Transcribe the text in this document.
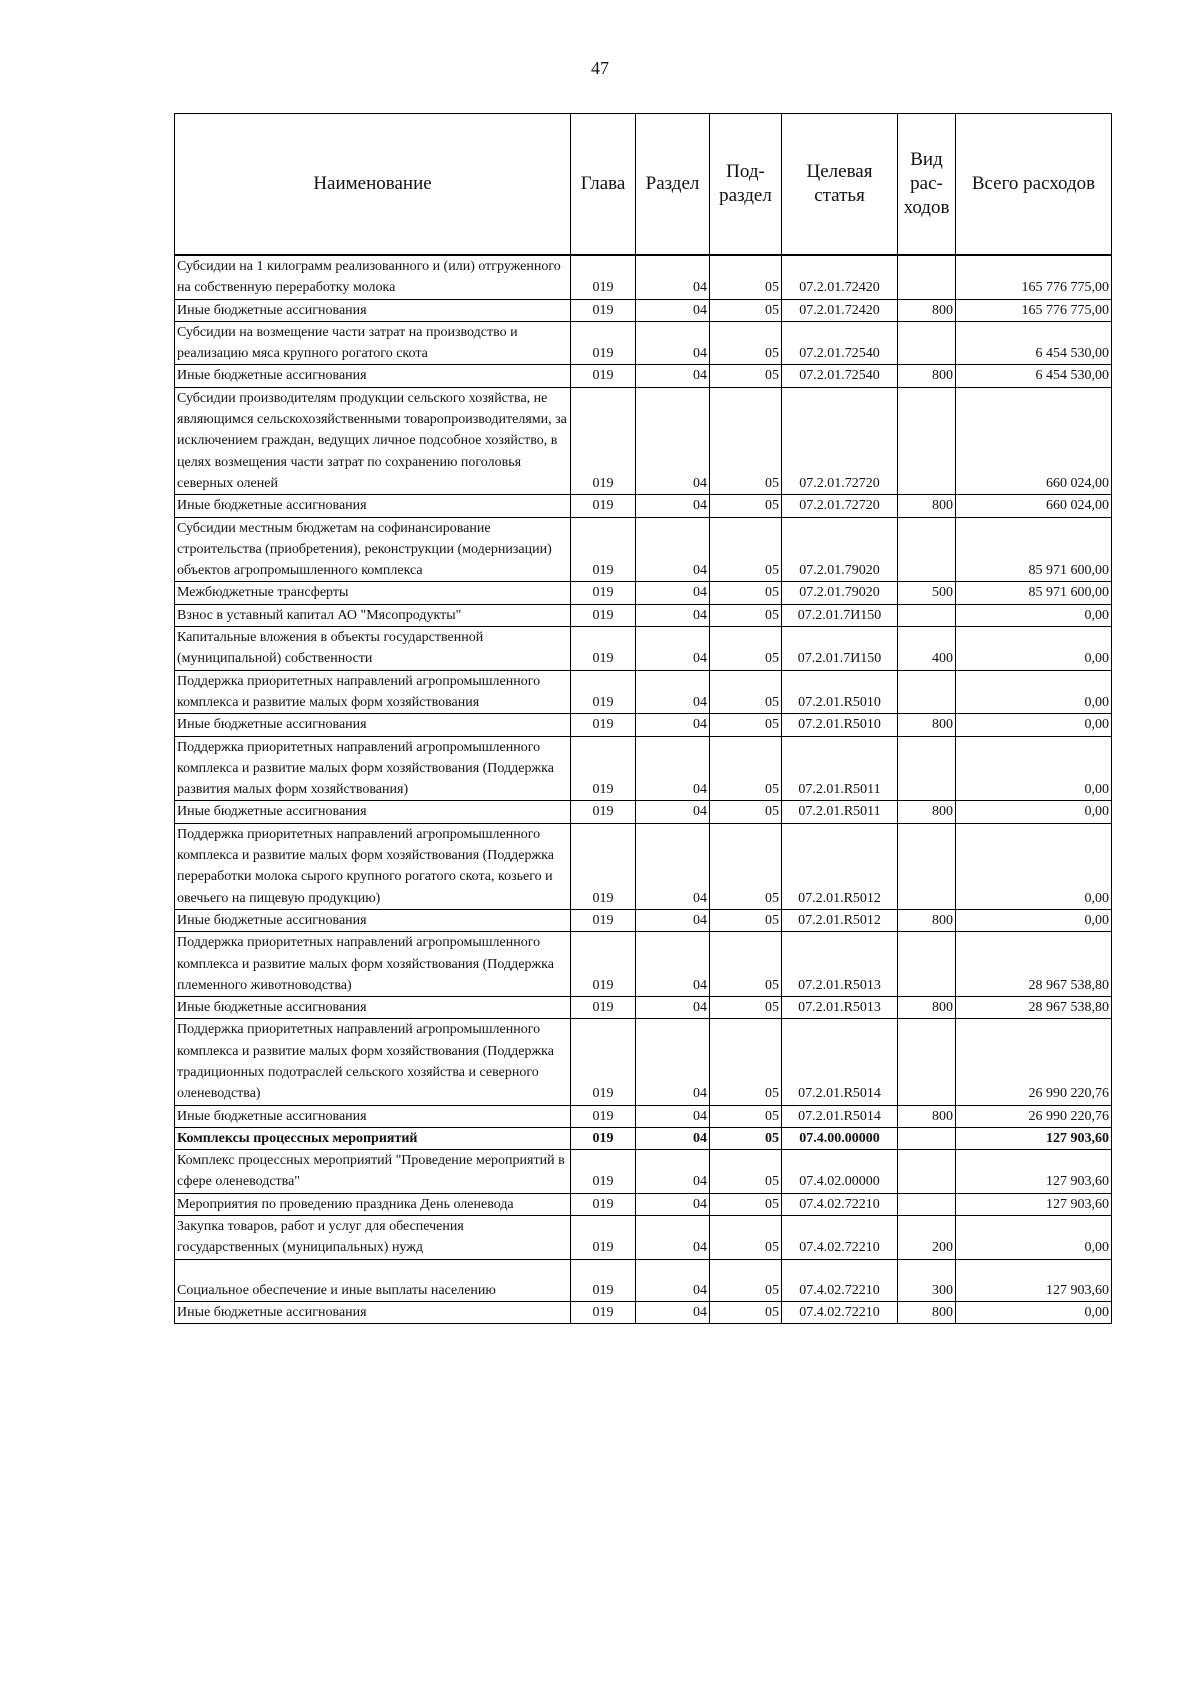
47
Наименование	Глава	Раздел	Под-раздел	Целевая статья	Вид рас-ходов	Всего расходов
Субсидии на 1 килограмм реализованного и (или) отгруженного на собственную переработку молока	019	04	05	07.2.01.72420		165 776 775,00
Иные бюджетные ассигнования	019	04	05	07.2.01.72420	800	165 776 775,00
Субсидии на возмещение части затрат на производство и реализацию мяса крупного рогатого скота	019	04	05	07.2.01.72540		6 454 530,00
Иные бюджетные ассигнования	019	04	05	07.2.01.72540	800	6 454 530,00
Субсидии производителям продукции сельского хозяйства, не являющимся сельскохозяйственными товаропроизводителями, за исключением граждан, ведущих личное подсобное хозяйство, в целях возмещения части затрат по сохранению поголовья северных оленей	019	04	05	07.2.01.72720		660 024,00
Иные бюджетные ассигнования	019	04	05	07.2.01.72720	800	660 024,00
Субсидии местным бюджетам на софинансирование строительства (приобретения), реконструкции (модернизации) объектов агропромышленного комплекса	019	04	05	07.2.01.79020		85 971 600,00
Межбюджетные трансферты	019	04	05	07.2.01.79020	500	85 971 600,00
Взнос в уставный капитал АО "Мясопродукты"	019	04	05	07.2.01.7И150		0,00
Капитальные вложения в объекты государственной (муниципальной) собственности	019	04	05	07.2.01.7И150	400	0,00
Поддержка приоритетных направлений агропромышленного комплекса и развитие малых форм хозяйствования	019	04	05	07.2.01.R5010		0,00
Иные бюджетные ассигнования	019	04	05	07.2.01.R5010	800	0,00
Поддержка приоритетных направлений агропромышленного комплекса и развитие малых форм хозяйствования (Поддержка развития малых форм хозяйствования)	019	04	05	07.2.01.R5011		0,00
Иные бюджетные ассигнования	019	04	05	07.2.01.R5011	800	0,00
Поддержка приоритетных направлений агропромышленного комплекса и развитие малых форм хозяйствования (Поддержка переработки молока сырого крупного рогатого скота, козьего и овечьего на пищевую продукцию)	019	04	05	07.2.01.R5012		0,00
Иные бюджетные ассигнования	019	04	05	07.2.01.R5012	800	0,00
Поддержка приоритетных направлений агропромышленного комплекса и развитие малых форм хозяйствования (Поддержка племенного животноводства)	019	04	05	07.2.01.R5013		28 967 538,80
Иные бюджетные ассигнования	019	04	05	07.2.01.R5013	800	28 967 538,80
Поддержка приоритетных направлений агропромышленного комплекса и развитие малых форм хозяйствования (Поддержка традиционных подотраслей сельского хозяйства и северного оленеводства)	019	04	05	07.2.01.R5014		26 990 220,76
Иные бюджетные ассигнования	019	04	05	07.2.01.R5014	800	26 990 220,76
Комплексы процессных мероприятий	019	04	05	07.4.00.00000		127 903,60
Комплекс процессных мероприятий "Проведение мероприятий в сфере оленеводства"	019	04	05	07.4.02.00000		127 903,60
Мероприятия по проведению праздника День оленевода	019	04	05	07.4.02.72210		127 903,60
Закупка товаров, работ и услуг для обеспечения государственных (муниципальных) нужд	019	04	05	07.4.02.72210	200	0,00
Социальное обеспечение и иные выплаты населению	019	04	05	07.4.02.72210	300	127 903,60
Иные бюджетные ассигнования	019	04	05	07.4.02.72210	800	0,00
